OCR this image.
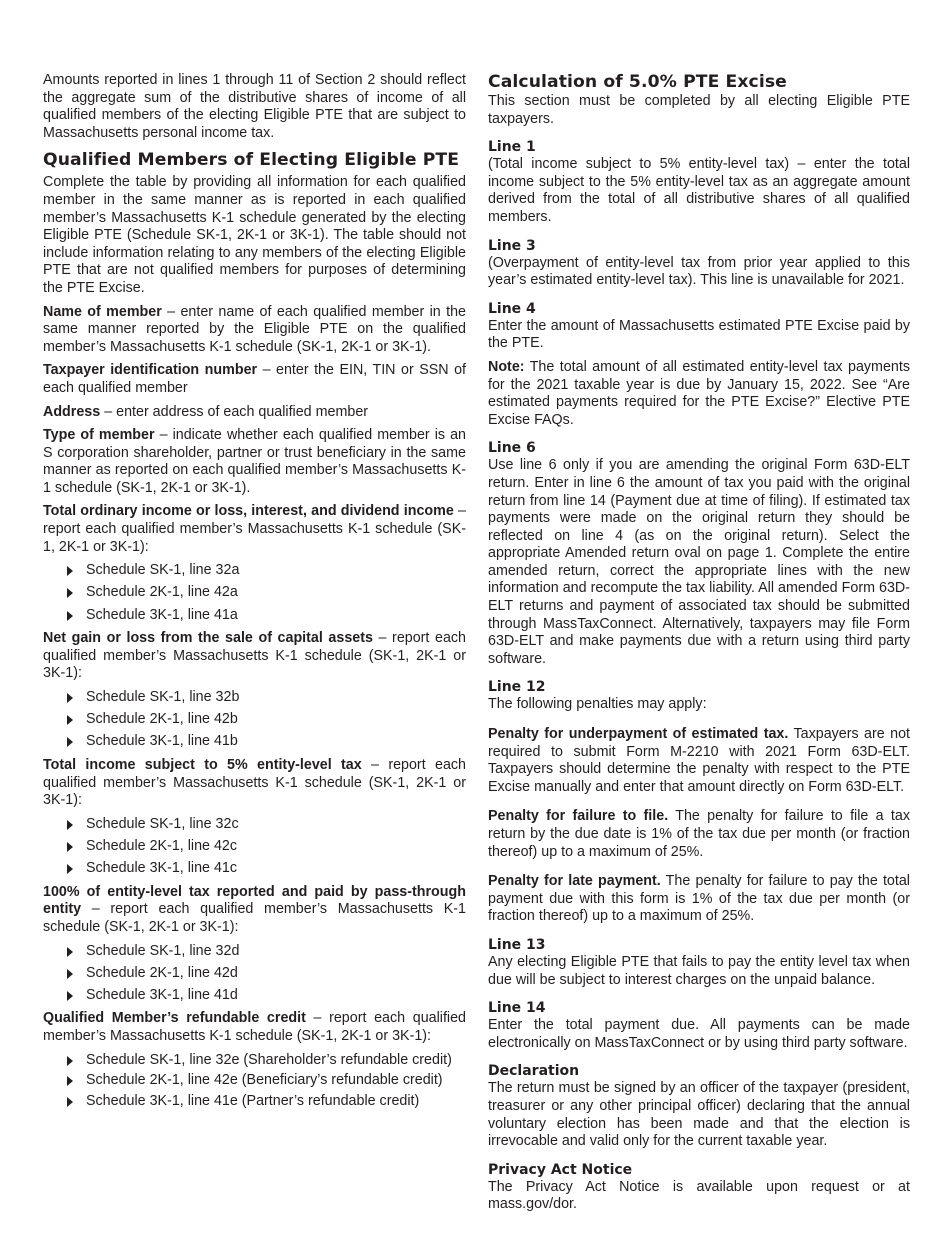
Amounts reported in lines 1 through 11 of Section 2 should reflect the aggregate sum of the distributive shares of income of all qualified members of the electing Eligible PTE that are subject to Massachusetts personal income tax.

Qualified Members of Electing Eligible PTE

Complete the table by providing all information for each qualified member in the same manner as is reported in each qualified member’s Massachusetts K-1 schedule generated by the electing Eligible PTE (Schedule SK-1, 2K-1 or 3K-1). The table should not include information relating to any members of the electing Eligible PTE that are not qualified members for purposes of determining the PTE Excise.

Name of member – enter name of each qualified member in the same manner reported by the Eligible PTE on the qualified member’s Massachusetts K-1 schedule (SK-1, 2K-1 or 3K-1).

Taxpayer identification number – enter the EIN, TIN or SSN of each qualified member

Address – enter address of each qualified member

Type of member – indicate whether each qualified member is an S corporation shareholder, partner or trust beneficiary in the same manner as reported on each qualified member’s Massachusetts K-1 schedule (SK-1, 2K-1 or 3K-1).

Total ordinary income or loss, interest, and dividend income – report each qualified member’s Massachusetts K-1 schedule (SK-1, 2K-1 or 3K-1):

Schedule SK-1, line 32a
Schedule 2K-1, line 42a
Schedule 3K-1, line 41a

Net gain or loss from the sale of capital assets – report each qualified member’s Massachusetts K-1 schedule (SK-1, 2K-1 or 3K-1):

Schedule SK-1, line 32b
Schedule 2K-1, line 42b
Schedule 3K-1, line 41b

Total income subject to 5% entity-level tax – report each qualified member’s Massachusetts K-1 schedule (SK-1, 2K-1 or 3K-1):

Schedule SK-1, line 32c
Schedule 2K-1, line 42c
Schedule 3K-1, line 41c

100% of entity-level tax reported and paid by pass-through entity – report each qualified member’s Massachusetts K-1 schedule (SK-1, 2K-1 or 3K-1):

Schedule SK-1, line 32d
Schedule 2K-1, line 42d
Schedule 3K-1, line 41d

Qualified Member’s refundable credit – report each qualified member’s Massachusetts K-1 schedule (SK-1, 2K-1 or 3K-1):

Schedule SK-1, line 32e (Shareholder’s refundable credit)
Schedule 2K-1, line 42e (Beneficiary’s refundable credit)
Schedule 3K-1, line 41e (Partner’s refundable credit)
Calculation of 5.0% PTE Excise

This section must be completed by all electing Eligible PTE taxpayers.

Line 1

(Total income subject to 5% entity-level tax) – enter the total income subject to the 5% entity-level tax as an aggregate amount derived from the total of all distributive shares of all qualified members.

Line 3

(Overpayment of entity-level tax from prior year applied to this year’s estimated entity-level tax). This line is unavailable for 2021.

Line 4

Enter the amount of Massachusetts estimated PTE Excise paid by the PTE.

Note: The total amount of all estimated entity-level tax payments for the 2021 taxable year is due by January 15, 2022. See “Are estimated payments required for the PTE Excise?” Elective PTE Excise FAQs.

Line 6

Use line 6 only if you are amending the original Form 63D-ELT return. Enter in line 6 the amount of tax you paid with the original return from line 14 (Payment due at time of filing). If estimated tax payments were made on the original return they should be reflected on line 4 (as on the original return). Select the appropriate Amended return oval on page 1. Complete the entire amended return, correct the appropriate lines with the new information and recompute the tax liability. All amended Form 63D-ELT returns and payment of associated tax should be submitted through MassTaxConnect. Alternatively, taxpayers may file Form 63D-ELT and make payments due with a return using third party software.

Line 12

The following penalties may apply:

Penalty for underpayment of estimated tax. Taxpayers are not required to submit Form M-2210 with 2021 Form 63D-ELT. Taxpayers should determine the penalty with respect to the PTE Excise manually and enter that amount directly on Form 63D-ELT.

Penalty for failure to file. The penalty for failure to file a tax return by the due date is 1% of the tax due per month (or fraction thereof) up to a maximum of 25%.

Penalty for late payment. The penalty for failure to pay the total payment due with this form is 1% of the tax due per month (or fraction thereof) up to a maximum of 25%.

Line 13

Any electing Eligible PTE that fails to pay the entity level tax when due will be subject to interest charges on the unpaid balance.

Line 14

Enter the total payment due. All payments can be made electronically on MassTaxConnect or by using third party software.

Declaration

The return must be signed by an officer of the taxpayer (president, treasurer or any other principal officer) declaring that the annual voluntary election has been made and that the election is irrevocable and valid only for the current taxable year.

Privacy Act Notice

The Privacy Act Notice is available upon request or at mass.gov/dor.
